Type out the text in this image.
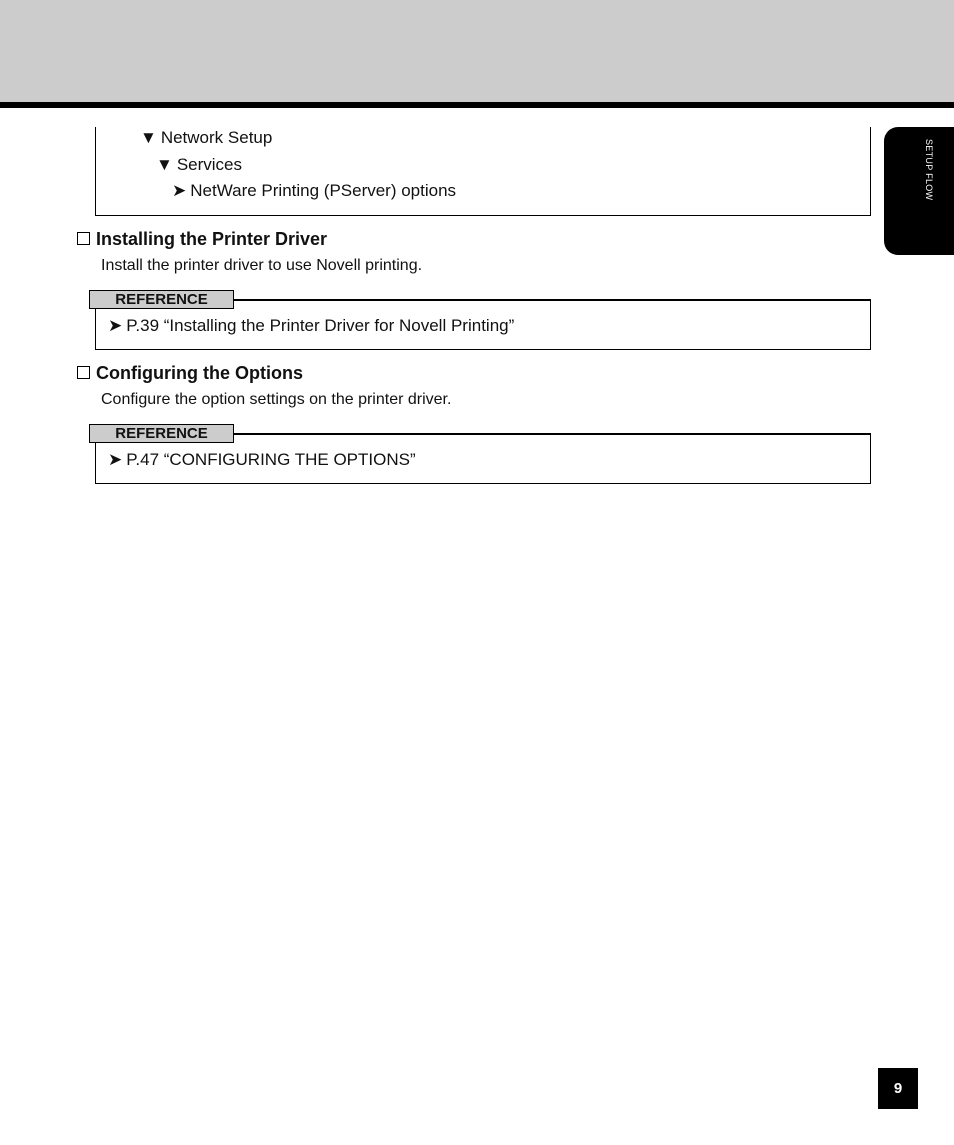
SETUP FLOW
▼ Network Setup
▼ Services
➤ NetWare Printing (PServer) options
Installing the Printer Driver
Install the printer driver to use Novell printing.
➤ P.39 “Installing the Printer Driver for Novell Printing”
REFERENCE
Configuring the Options
Configure the option settings on the printer driver.
➤ P.47 “CONFIGURING THE OPTIONS”
REFERENCE
9
